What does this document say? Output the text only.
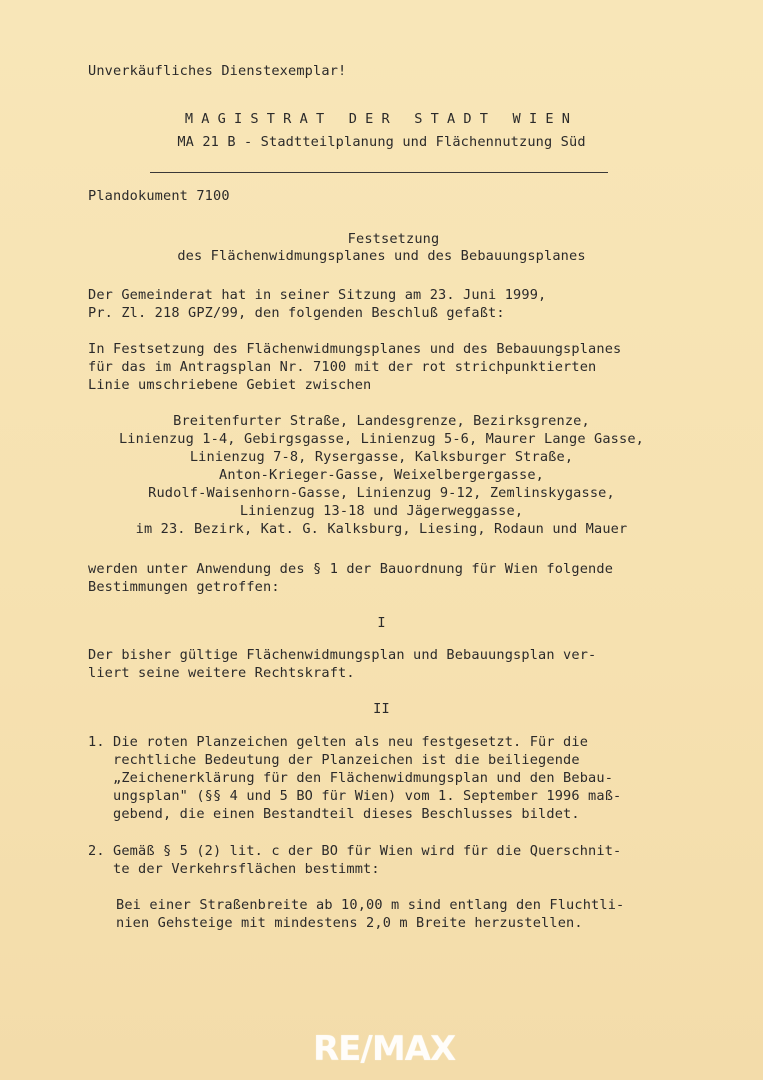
Unverkäufliches Dienstexemplar!
MAGISTRAT DER STADT WIEN
MA 21 B - Stadtteilplanung und Flächennutzung Süd
Plandokument 7100
Festsetzung
des Flächenwidmungsplanes und des Bebauungsplanes
Der Gemeinderat hat in seiner Sitzung am 23. Juni 1999,
Pr. Zl. 218 GPZ/99, den folgenden Beschluß gefaßt:
In Festsetzung des Flächenwidmungsplanes und des Bebauungsplanes
für das im Antragsplan Nr. 7100 mit der rot strichpunktierten
Linie umschriebene Gebiet zwischen
Breitenfurter Straße, Landesgrenze, Bezirksgrenze,
Linienzug 1-4, Gebirgsgasse, Linienzug 5-6, Maurer Lange Gasse,
Linienzug 7-8, Rysergasse, Kalksburger Straße,
Anton-Krieger-Gasse, Weixelbergergasse,
Rudolf-Waisenhorn-Gasse, Linienzug 9-12, Zemlinskygasse,
Linienzug 13-18 und Jägerweggasse,
im 23. Bezirk, Kat. G. Kalksburg, Liesing, Rodaun und Mauer
werden unter Anwendung des § 1 der Bauordnung für Wien folgende
Bestimmungen getroffen:
I
Der bisher gültige Flächenwidmungsplan und Bebauungsplan ver-
liert seine weitere Rechtskraft.
II
1. Die roten Planzeichen gelten als neu festgesetzt. Für die
rechtliche Bedeutung der Planzeichen ist die beiliegende
„Zeichenerklärung für den Flächenwidmungsplan und den Bebau-
ungsplan" (§§ 4 und 5 BO für Wien) vom 1. September 1996 maß-
gebend, die einen Bestandteil dieses Beschlusses bildet.
2. Gemäß § 5 (2) lit. c der BO für Wien wird für die Querschnit-
te der Verkehrsflächen bestimmt:
Bei einer Straßenbreite ab 10,00 m sind entlang den Fluchtli-
nien Gehsteige mit mindestens 2,0 m Breite herzustellen.
RE/MAX
